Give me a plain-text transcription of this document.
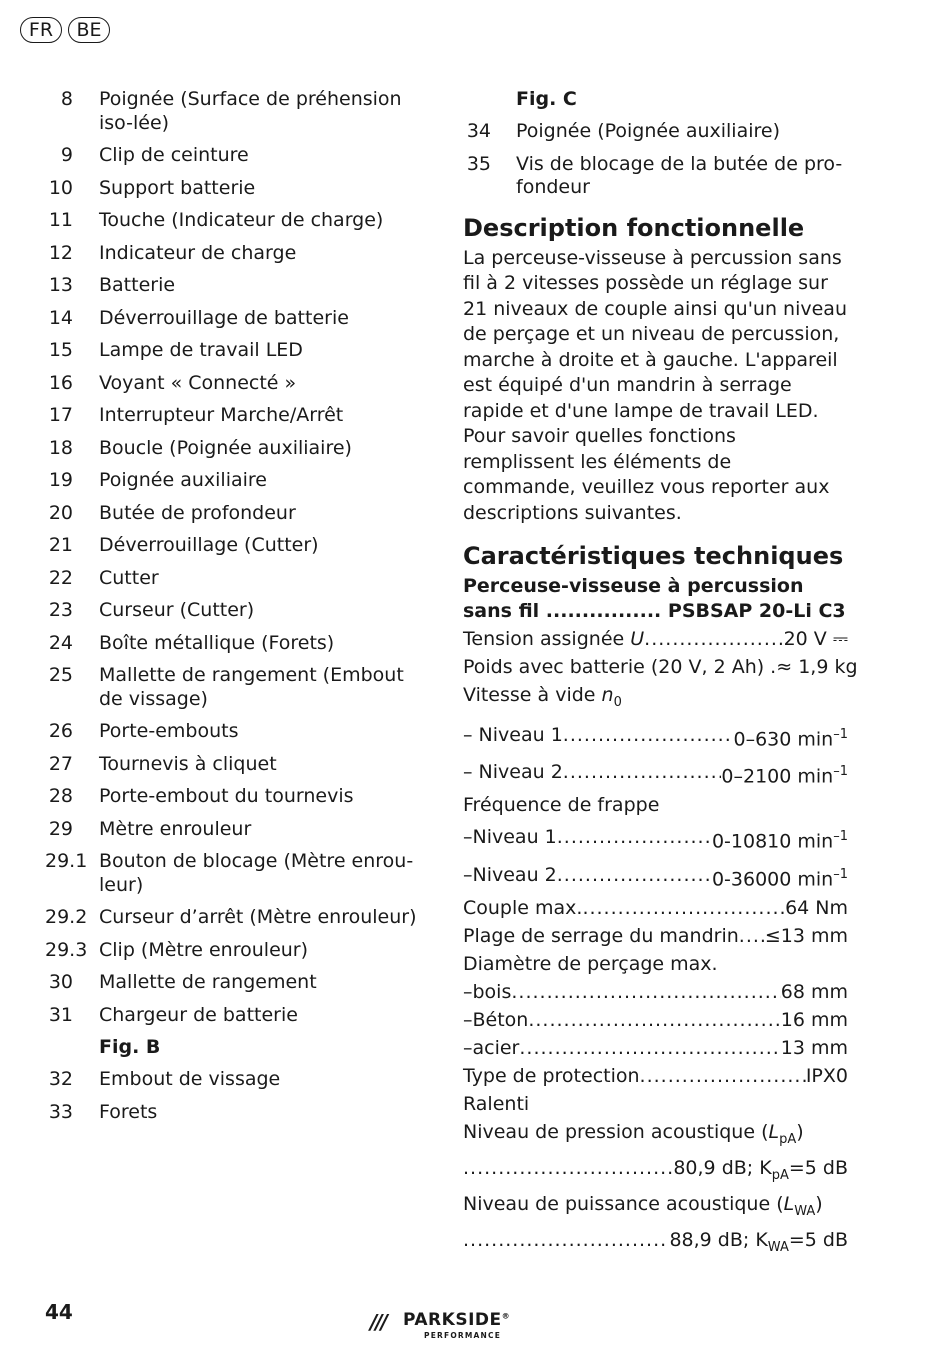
FR	BE
8 Poignée (Surface de préhension iso-lée)
9 Clip de ceinture
10 Support batterie
11 Touche (Indicateur de charge)
12 Indicateur de charge
13 Batterie
14 Déverrouillage de batterie
15 Lampe de travail LED
16 Voyant « Connecté »
17 Interrupteur Marche/Arrêt
18 Boucle (Poignée auxiliaire)
19 Poignée auxiliaire
20 Butée de profondeur
21 Déverrouillage (Cutter)
22 Cutter
23 Curseur (Cutter)
24 Boîte métallique (Forets)
25 Mallette de rangement (Embout de vissage)
26 Porte-embouts
27 Tournevis à cliquet
28 Porte-embout du tournevis
29 Mètre enrouleur
29.1 Bouton de blocage (Mètre enrou-leur)
29.2 Curseur d’arrêt (Mètre enrouleur)
29.3 Clip (Mètre enrouleur)
30 Mallette de rangement
31 Chargeur de batterie
Fig. B
32 Embout de vissage
33 Forets
Fig. C
34 Poignée (Poignée auxiliaire)
35 Vis de blocage de la butée de pro-fondeur
Description fonctionnelle

La perceuse-visseuse à percussion sans fil à 2 vitesses possède un réglage sur 21 niveaux de couple ainsi qu'un niveau de perçage et un niveau de percussion, marche à droite et à gauche. L'appareil est équipé d'un mandrin à serrage rapide et d'une lampe de travail LED.

Pour savoir quelles fonctions remplissent les éléments de commande, veuillez vous reporter aux descriptions suivantes.

Caractéristiques techniques
Perceuse-visseuse à percussion
sans fil ................ PSBSAP 20-Li C3
Tension assignée U .....	20 V ⎓
Poids avec batterie (20 V, 2 Ah) . ≈ 1,9 kg
Vitesse à vide $n_0$
– Niveau 1 .....	0–630 $\min^{-1}$
– Niveau 2 .....	0–2100 $\min^{-1}$
Fréquence de frappe
–Niveau 1 .....	0-10810 $\min^{-1}$
–Niveau 2 .....	0-36000 $\min^{-1}$
Couple max. .....	64 Nm
Plage de serrage du mandrin ..... ≤13 mm
Diamètre de perçage max.
–bois .....	68 mm
–Béton .....	16 mm
–acier .....	13 mm
Type de protection .....	IPX0
Ralenti
Niveau de pression acoustique $(L_{pA})$
.....
80,9 dB; $K_{pA}=5$ dB
Niveau de puissance acoustique $(L_{WA})$
.....
88,9 dB; $K_{WA}=5$ dB
44	/// PARKSIDE®
PERFORMANCE
